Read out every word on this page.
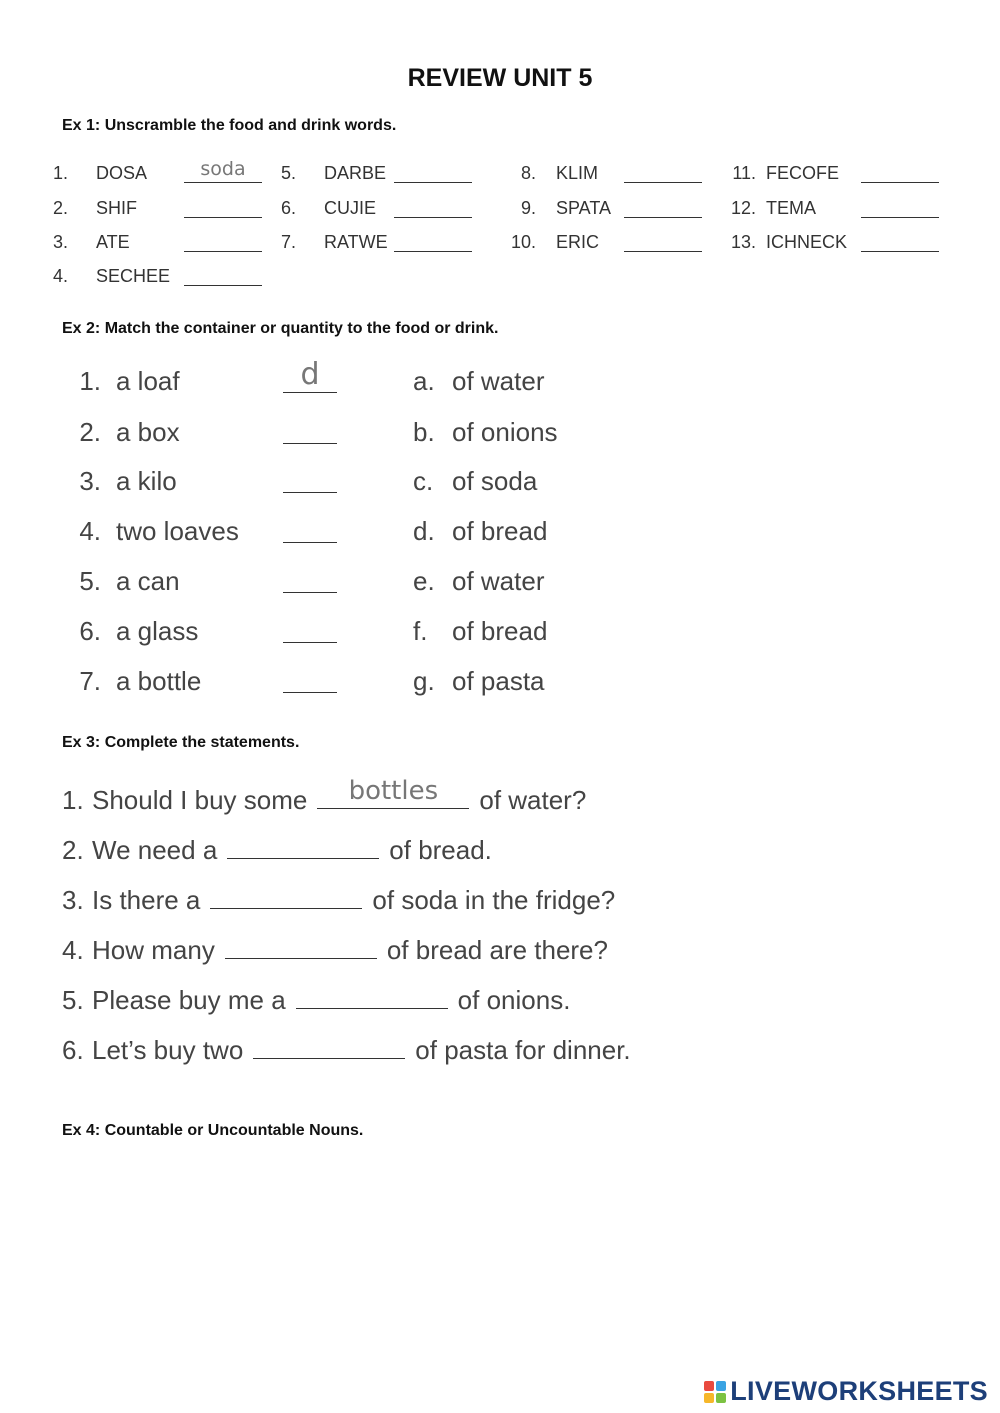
REVIEW UNIT 5
Ex 1: Unscramble the food and drink words.
1. DOSA	soda
2. SHIF
3. ATE
4. SECHEE
5. DARBE
6. CUJIE
7. RATWE
8. KLIM
9. SPATA
10. ERIC
11. FECOFE
12. TEMA
13. ICHNECK
Ex 2: Match the container or quantity to the food or drink.
1. a loaf	d	a. of water
2. a box	b. of onions
3. a kilo	c. of soda
4. two loaves	d. of bread
5. a can	e. of water
6. a glass	f. of bread
7. a bottle	g. of pasta
Ex 3: Complete the statements.
1. Should I buy some	bottles	of water?
2. We need a	of bread.
3. Is there a	of soda in the fridge?
4. How many	of bread are there?
5. Please buy me a	of onions.
6. Let’s buy two	of pasta for dinner.
Ex 4: Countable or Uncountable Nouns.
LIVEWORKSHEETS
